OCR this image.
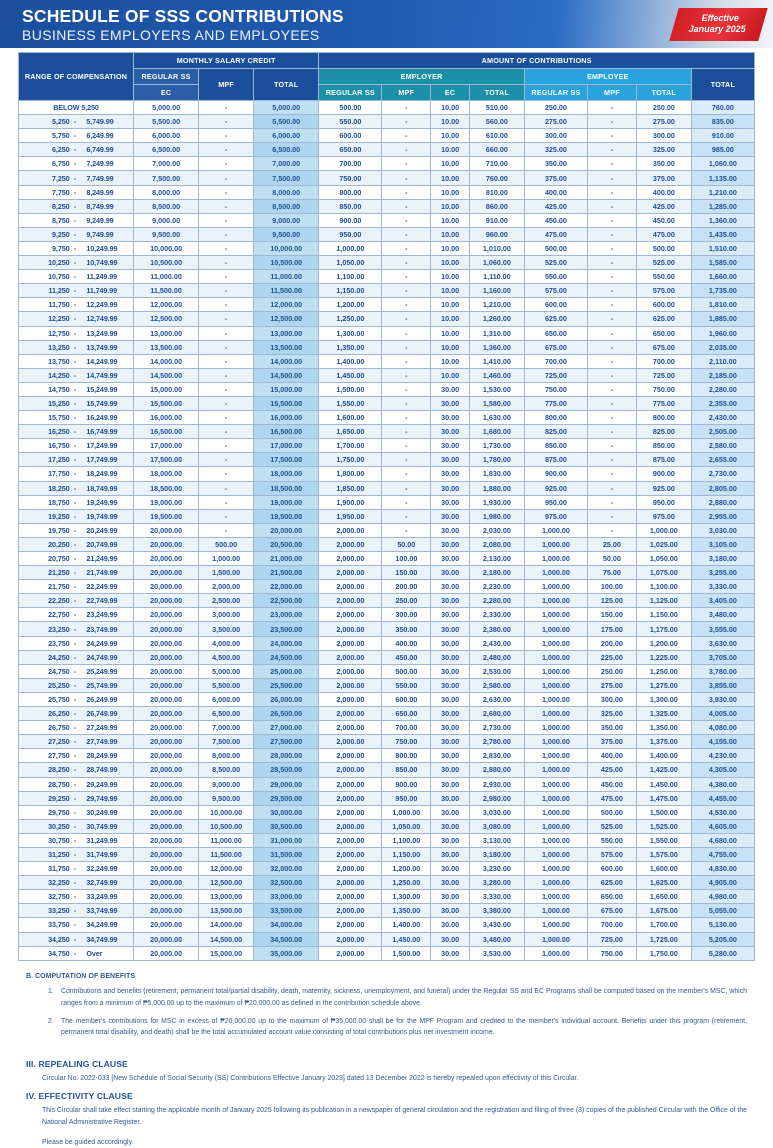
SCHEDULE OF SSS CONTRIBUTIONS
BUSINESS EMPLOYERS AND EMPLOYEES
Effective
January 2025
RANGE OF COMPENSATION	MONTHLY SALARY CREDIT			AMOUNT OF CONTRIBUTIONS							
	REGULAR SS	MPF	TOTAL	EMPLOYER				EMPLOYEE			TOTAL
	EC			REGULAR SS	MPF	EC	TOTAL	REGULAR SS	MPF	TOTAL	
BELOW 5,250	5,000.00	-	5,000.00	500.00	-	10.00	510.00	250.00	-	250.00	760.00
5,250 - 5,749.99	5,500.00	-	5,500.00	550.00	-	10.00	560.00	275.00	-	275.00	835.00
5,750 - 6,249.99	6,000.00	-	6,000.00	600.00	-	10.00	610.00	300.00	-	300.00	910.00
6,250 - 6,749.99	6,500.00	-	6,500.00	650.00	-	10.00	660.00	325.00	-	325.00	985.00
6,750 - 7,249.99	7,000.00	-	7,000.00	700.00	-	10.00	710.00	350.00	-	350.00	1,060.00
7,250 - 7,749.99	7,500.00	-	7,500.00	750.00	-	10.00	760.00	375.00	-	375.00	1,135.00
7,750 - 8,249.99	8,000.00	-	8,000.00	800.00	-	10.00	810.00	400.00	-	400.00	1,210.00
8,250 - 8,749.99	8,500.00	-	8,500.00	850.00	-	10.00	860.00	425.00	-	425.00	1,285.00
8,750 - 9,249.99	9,000.00	-	9,000.00	900.00	-	10.00	910.00	450.00	-	450.00	1,360.00
9,250 - 9,749.99	9,500.00	-	9,500.00	950.00	-	10.00	960.00	475.00	-	475.00	1,435.00
9,750 - 10,249.99	10,000.00	-	10,000.00	1,000.00	-	10.00	1,010.00	500.00	-	500.00	1,510.00
10,250 - 10,749.99	10,500.00	-	10,500.00	1,050.00	-	10.00	1,060.00	525.00	-	525.00	1,585.00
10,750 - 11,249.99	11,000.00	-	11,000.00	1,100.00	-	10.00	1,110.00	550.00	-	550.00	1,660.00
11,250 - 11,749.99	11,500.00	-	11,500.00	1,150.00	-	10.00	1,160.00	575.00	-	575.00	1,735.00
11,750 - 12,249.99	12,000.00	-	12,000.00	1,200.00	-	10.00	1,210.00	600.00	-	600.00	1,810.00
12,250 - 12,749.99	12,500.00	-	12,500.00	1,250.00	-	10.00	1,260.00	625.00	-	625.00	1,885.00
12,750 - 13,249.99	13,000.00	-	13,000.00	1,300.00	-	10.00	1,310.00	650.00	-	650.00	1,960.00
13,250 - 13,749.99	13,500.00	-	13,500.00	1,350.00	-	10.00	1,360.00	675.00	-	675.00	2,035.00
13,750 - 14,249.99	14,000.00	-	14,000.00	1,400.00	-	10.00	1,410.00	700.00	-	700.00	2,110.00
14,250 - 14,749.99	14,500.00	-	14,500.00	1,450.00	-	10.00	1,460.00	725.00	-	725.00	2,185.00
14,750 - 15,249.99	15,000.00	-	15,000.00	1,500.00	-	30.00	1,530.00	750.00	-	750.00	2,280.00
15,250 - 15,749.99	15,500.00	-	15,500.00	1,550.00	-	30.00	1,580.00	775.00	-	775.00	2,355.00
15,750 - 16,249.99	16,000.00	-	16,000.00	1,600.00	-	30.00	1,630.00	800.00	-	800.00	2,430.00
16,250 - 16,749.99	16,500.00	-	16,500.00	1,650.00	-	30.00	1,680.00	825.00	-	825.00	2,505.00
16,750 - 17,249.99	17,000.00	-	17,000.00	1,700.00	-	30.00	1,730.00	850.00	-	850.00	2,580.00
17,250 - 17,749.99	17,500.00	-	17,500.00	1,750.00	-	30.00	1,780.00	875.00	-	875.00	2,655.00
17,750 - 18,249.99	18,000.00	-	18,000.00	1,800.00	-	30.00	1,830.00	900.00	-	900.00	2,730.00
18,250 - 18,749.99	18,500.00	-	18,500.00	1,850.00	-	30.00	1,880.00	925.00	-	925.00	2,805.00
18,750 - 19,249.99	19,000.00	-	19,000.00	1,900.00	-	30.00	1,930.00	950.00	-	950.00	2,880.00
19,250 - 19,749.99	19,500.00	-	19,500.00	1,950.00	-	30.00	1,980.00	975.00	-	975.00	2,955.00
19,750 - 20,249.99	20,000.00	-	20,000.00	2,000.00	-	30.00	2,030.00	1,000.00	-	1,000.00	3,030.00
20,250 - 20,749.99	20,000.00	500.00	20,500.00	2,000.00	50.00	30.00	2,080.00	1,000.00	25.00	1,025.00	3,105.00
20,750 - 21,249.99	20,000.00	1,000.00	21,000.00	2,000.00	100.00	30.00	2,130.00	1,000.00	50.00	1,050.00	3,180.00
21,250 - 21,749.99	20,000.00	1,500.00	21,500.00	2,000.00	150.00	30.00	2,180.00	1,000.00	75.00	1,075.00	3,255.00
21,750 - 22,249.99	20,000.00	2,000.00	22,000.00	2,000.00	200.00	30.00	2,230.00	1,000.00	100.00	1,100.00	3,330.00
22,250 - 22,749.99	20,000.00	2,500.00	22,500.00	2,000.00	250.00	30.00	2,280.00	1,000.00	125.00	1,125.00	3,405.00
22,750 - 23,249.99	20,000.00	3,000.00	23,000.00	2,000.00	300.00	30.00	2,330.00	1,000.00	150.00	1,150.00	3,480.00
23,250 - 23,749.99	20,000.00	3,500.00	23,500.00	2,000.00	350.00	30.00	2,380.00	1,000.00	175.00	1,175.00	3,555.00
23,750 - 24,249.99	20,000.00	4,000.00	24,000.00	2,000.00	400.00	30.00	2,430.00	1,000.00	200.00	1,200.00	3,630.00
24,250 - 24,749.99	20,000.00	4,500.00	24,500.00	2,000.00	450.00	30.00	2,480.00	1,000.00	225.00	1,225.00	3,705.00
24,750 - 25,249.99	20,000.00	5,000.00	25,000.00	2,000.00	500.00	30.00	2,530.00	1,000.00	250.00	1,250.00	3,780.00
25,250 - 25,749.99	20,000.00	5,500.00	25,500.00	2,000.00	550.00	30.00	2,580.00	1,000.00	275.00	1,275.00	3,855.00
25,750 - 26,249.99	20,000.00	6,000.00	26,000.00	2,000.00	600.00	30.00	2,630.00	1,000.00	300.00	1,300.00	3,930.00
26,250 - 26,749.99	20,000.00	6,500.00	26,500.00	2,000.00	650.00	30.00	2,680.00	1,000.00	325.00	1,325.00	4,005.00
26,750 - 27,249.99	20,000.00	7,000.00	27,000.00	2,000.00	700.00	30.00	2,730.00	1,000.00	350.00	1,350.00	4,080.00
27,250 - 27,749.99	20,000.00	7,500.00	27,500.00	2,000.00	750.00	30.00	2,780.00	1,000.00	375.00	1,375.00	4,155.00
27,750 - 28,249.99	20,000.00	8,000.00	28,000.00	2,000.00	800.00	30.00	2,830.00	1,000.00	400.00	1,400.00	4,230.00
28,250 - 28,749.99	20,000.00	8,500.00	28,500.00	2,000.00	850.00	30.00	2,880.00	1,000.00	425.00	1,425.00	4,305.00
28,750 - 29,249.99	20,000.00	9,000.00	29,000.00	2,000.00	900.00	30.00	2,930.00	1,000.00	450.00	1,450.00	4,380.00
29,250 - 29,749.99	20,000.00	9,500.00	29,500.00	2,000.00	950.00	30.00	2,980.00	1,000.00	475.00	1,475.00	4,455.00
29,750 - 30,249.99	20,000.00	10,000.00	30,000.00	2,000.00	1,000.00	30.00	3,030.00	1,000.00	500.00	1,500.00	4,530.00
30,250 - 30,749.99	20,000.00	10,500.00	30,500.00	2,000.00	1,050.00	30.00	3,080.00	1,000.00	525.00	1,525.00	4,605.00
30,750 - 31,249.99	20,000.00	11,000.00	31,000.00	2,000.00	1,100.00	30.00	3,130.00	1,000.00	550.00	1,550.00	4,680.00
31,250 - 31,749.99	20,000.00	11,500.00	31,500.00	2,000.00	1,150.00	30.00	3,180.00	1,000.00	575.00	1,575.00	4,755.00
31,750 - 32,249.99	20,000.00	12,000.00	32,000.00	2,000.00	1,200.00	30.00	3,230.00	1,000.00	600.00	1,600.00	4,830.00
32,250 - 32,749.99	20,000.00	12,500.00	32,500.00	2,000.00	1,250.00	30.00	3,280.00	1,000.00	625.00	1,625.00	4,905.00
32,750 - 33,249.99	20,000.00	13,000.00	33,000.00	2,000.00	1,300.00	30.00	3,330.00	1,000.00	650.00	1,650.00	4,980.00
33,250 - 33,749.99	20,000.00	13,500.00	33,500.00	2,000.00	1,350.00	30.00	3,380.00	1,000.00	675.00	1,675.00	5,055.00
33,750 - 34,249.99	20,000.00	14,000.00	34,000.00	2,000.00	1,400.00	30.00	3,430.00	1,000.00	700.00	1,700.00	5,130.00
34,250 - 34,749.99	20,000.00	14,500.00	34,500.00	2,000.00	1,450.00	30.00	3,480.00	1,000.00	725.00	1,725.00	5,205.00
34,750 - Over	20,000.00	15,000.00	35,000.00	2,000.00	1,500.00	30.00	3,530.00	1,000.00	750.00	1,750.00	5,280.00
B. COMPUTATION OF BENEFITS
1.	Contributions and benefits (retirement, permanent total/partial disability, death, maternity, sickness, unemployment, and funeral) under the Regular SS and EC Programs shall be computed based on the member's MSC, which ranges from a minimum of ₱5,000.00 up to the maximum of ₱20,000.00 as defined in the contribution schedule above.
2.	The member's contributions for MSC in excess of ₱20,000.00 up to the maximum of ₱35,000.00 shall be for the MPF Program and credited to the member's individual account. Benefits under this program (retirement, permanent total disability, and death) shall be the total accumulated account value consisting of total contributions plus net investment income.
III. REPEALING CLAUSE
Circular No. 2022-033 [New Schedule of Social Security (SS) Contributions Effective January 2023] dated 13 December 2022 is hereby repealed upon effectivity of this Circular.
IV. EFFECTIVITY CLAUSE
This Circular shall take effect starting the applicable month of January 2025 following its publication in a newspaper of general circulation and the registration and filing of three (3) copies of the published Circular with the Office of the National Administrative Register.
Please be guided accordingly.
